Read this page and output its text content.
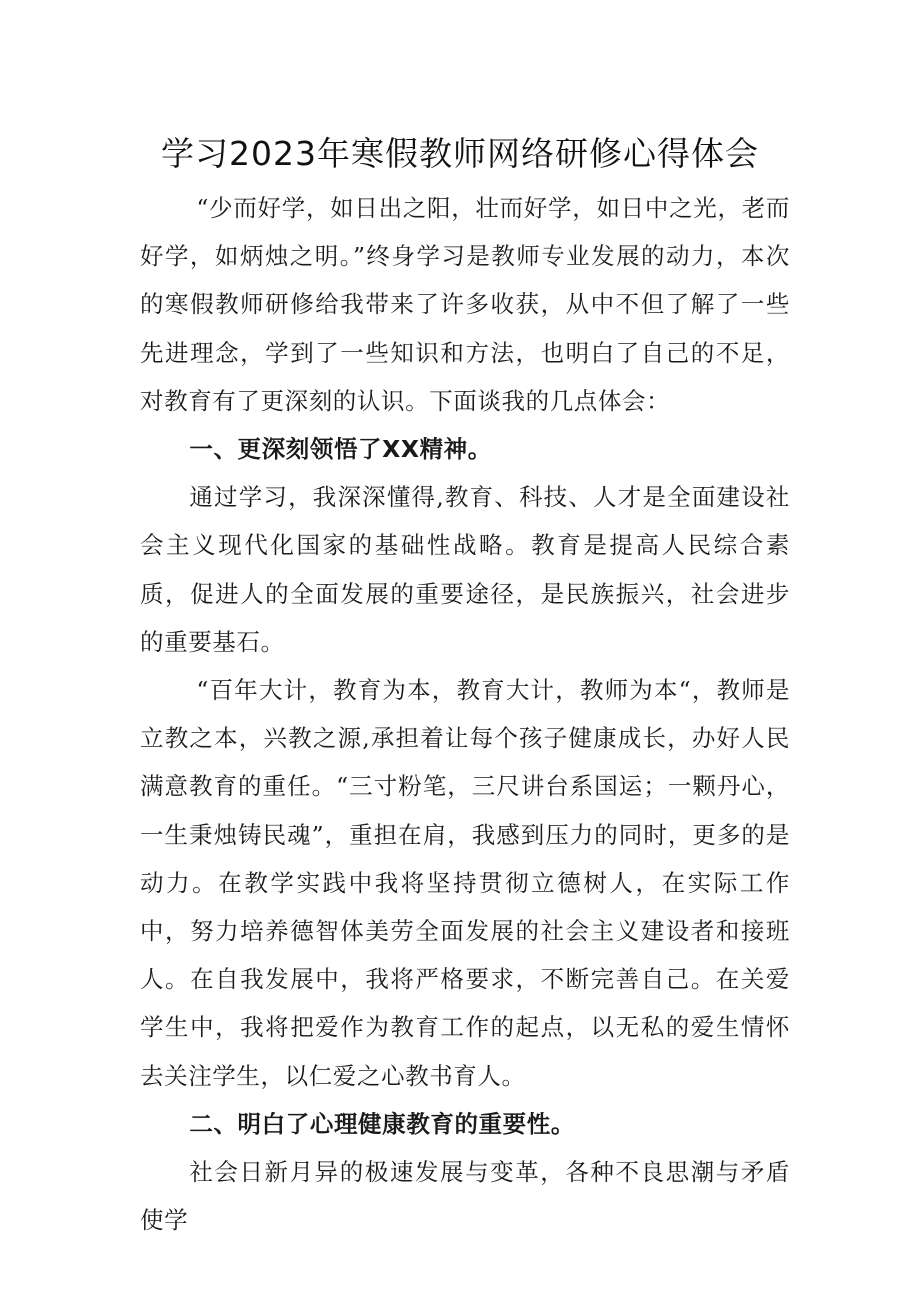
学习2023年寒假教师网络研修心得体会

“少而好学，如日出之阳，壮而好学，如日中之光，老而好学，如炳烛之明。”终身学习是教师专业发展的动力，本次的寒假教师研修给我带来了许多收获，从中不但了解了一些先进理念，学到了一些知识和方法，也明白了自己的不足，对教育有了更深刻的认识。下面谈我的几点体会：

一、更深刻领悟了XX精神。

通过学习，我深深懂得,教育、科技、人才是全面建设社会主义现代化国家的基础性战略。教育是提高人民综合素质，促进人的全面发展的重要途径，是民族振兴，社会进步的重要基石。

“百年大计，教育为本，教育大计，教师为本“，教师是立教之本，兴教之源,承担着让每个孩子健康成长，办好人民满意教育的重任。“三寸粉笔，三尺讲台系国运；一颗丹心，一生秉烛铸民魂”，重担在肩，我感到压力的同时，更多的是动力。在教学实践中我将坚持贯彻立德树人，在实际工作中，努力培养德智体美劳全面发展的社会主义建设者和接班人。在自我发展中，我将严格要求，不断完善自己。在关爱学生中，我将把爱作为教育工作的起点，以无私的爱生情怀去关注学生，以仁爱之心教书育人。

二、明白了心理健康教育的重要性。

社会日新月异的极速发展与变革，各种不良思潮与矛盾使学
